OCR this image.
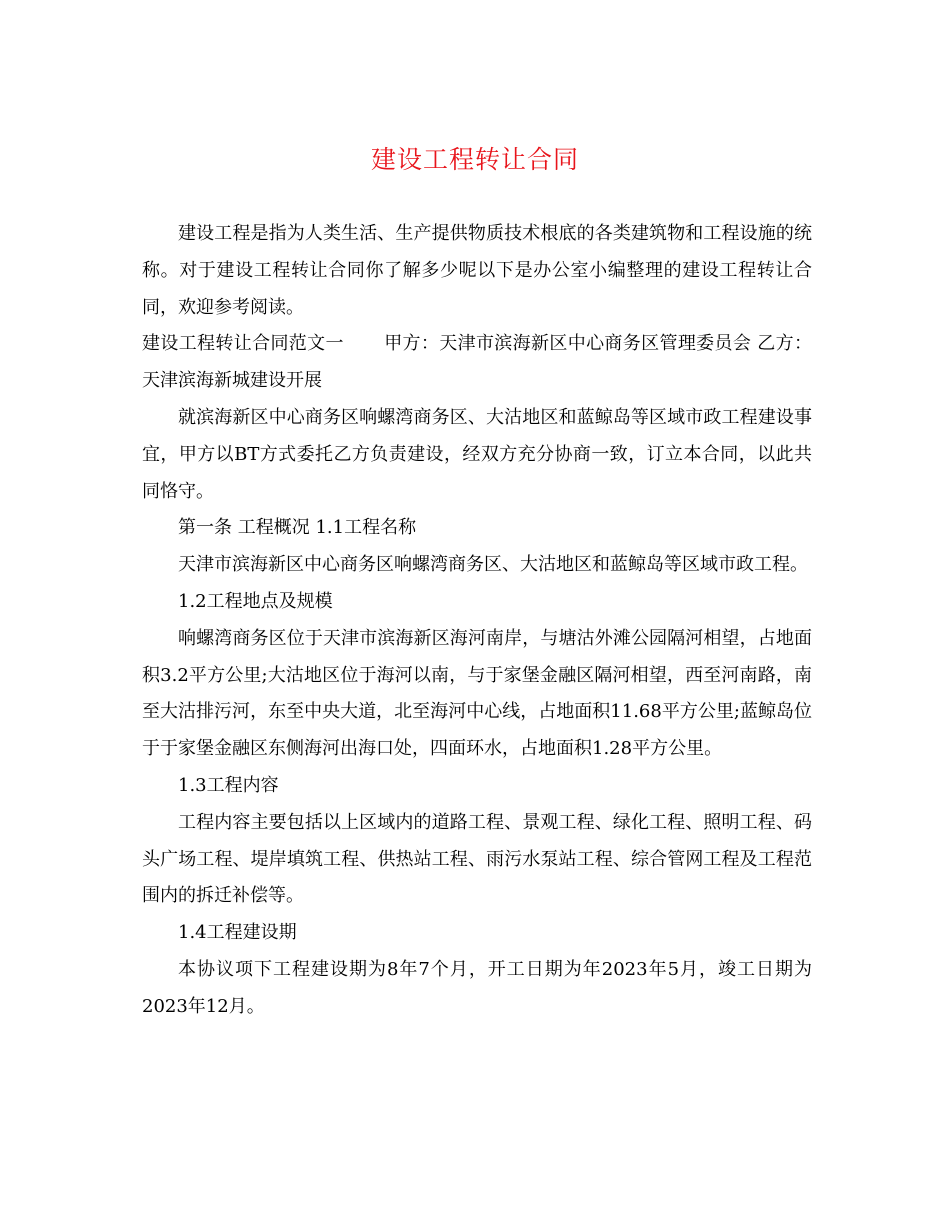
建设工程转让合同

建设工程是指为人类生活、生产提供物质技术根底的各类建筑物和工程设施的统称。对于建设工程转让合同你了解多少呢以下是办公室小编整理的建设工程转让合同，欢迎参考阅读。

建设工程转让合同范文一 甲方：天津市滨海新区中心商务区管理委员会 乙方：天津滨海新城建设开展

就滨海新区中心商务区响螺湾商务区、大沽地区和蓝鲸岛等区域市政工程建设事宜，甲方以BT方式委托乙方负责建设，经双方充分协商一致，订立本合同，以此共同恪守。

第一条 工程概况 1.1工程名称

天津市滨海新区中心商务区响螺湾商务区、大沽地区和蓝鲸岛等区域市政工程。

1.2工程地点及规模

响螺湾商务区位于天津市滨海新区海河南岸，与塘沽外滩公园隔河相望，占地面积3.2平方公里;大沽地区位于海河以南，与于家堡金融区隔河相望，西至河南路，南至大沽排污河，东至中央大道，北至海河中心线，占地面积11.68平方公里;蓝鲸岛位于于家堡金融区东侧海河出海口处，四面环水，占地面积1.28平方公里。

1.3工程内容

工程内容主要包括以上区域内的道路工程、景观工程、绿化工程、照明工程、码头广场工程、堤岸填筑工程、供热站工程、雨污水泵站工程、综合管网工程及工程范围内的拆迁补偿等。

1.4工程建设期

本协议项下工程建设期为8年7个月，开工日期为年2023年5月，竣工日期为2023年12月。
